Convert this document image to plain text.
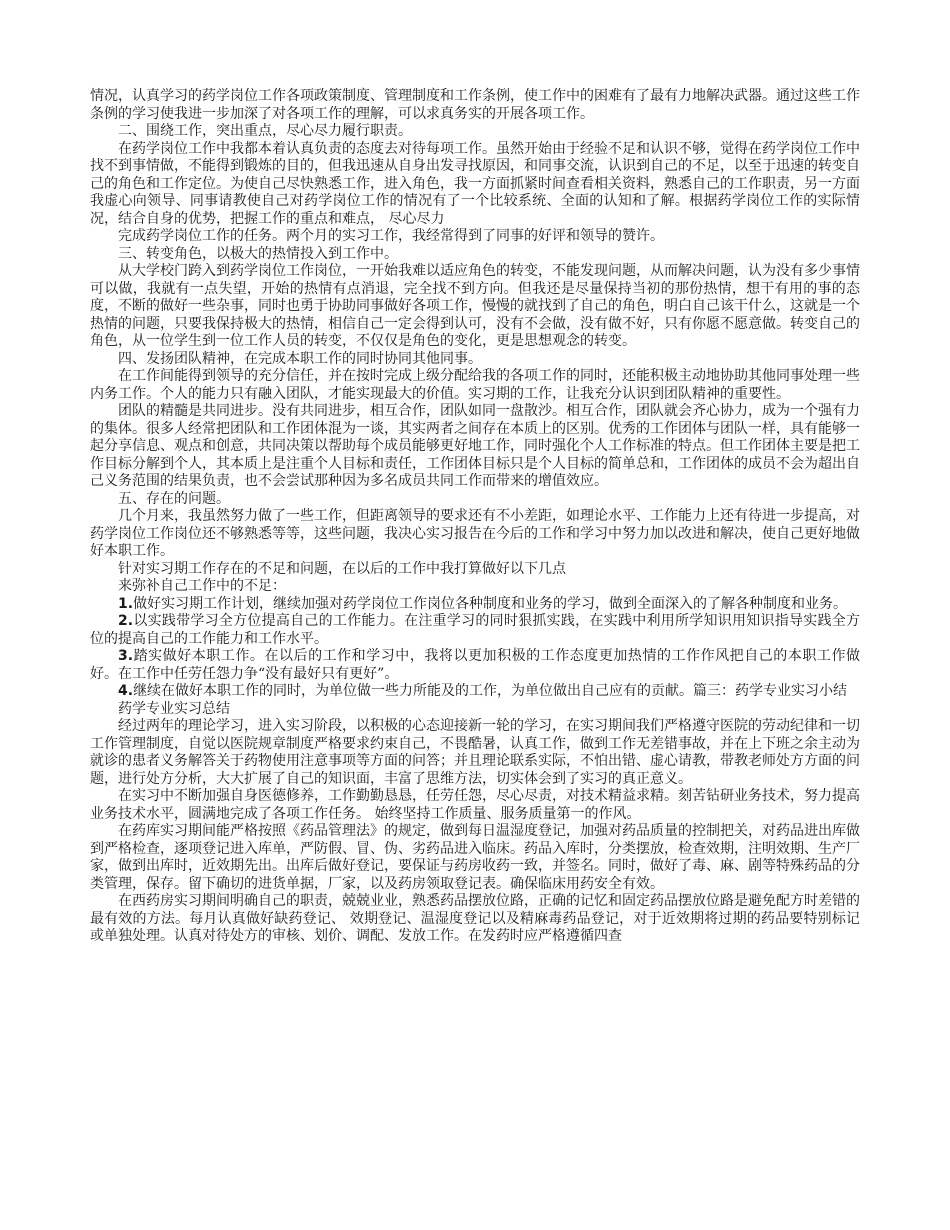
情况，认真学习的药学岗位工作各项政策制度、管理制度和工作条例，使工作中的困难有了最有力地解决武器。通过这些工作条例的学习使我进一步加深了对各项工作的理解，可以求真务实的开展各项工作。

二、围绕工作，突出重点，尽心尽力履行职责。

在药学岗位工作中我都本着认真负责的态度去对待每项工作。虽然开始由于经验不足和认识不够，觉得在药学岗位工作中找不到事情做，不能得到锻炼的目的，但我迅速从自身出发寻找原因，和同事交流，认识到自己的不足，以至于迅速的转变自己的角色和工作定位。为使自己尽快熟悉工作，进入角色，我一方面抓紧时间查看相关资料，熟悉自己的工作职责，另一方面我虚心向领导、同事请教使自己对药学岗位工作的情况有了一个比较系统、全面的认知和了解。根据药学岗位工作的实际情况，结合自身的优势，把握工作的重点和难点， 尽心尽力

完成药学岗位工作的任务。两个月的实习工作，我经常得到了同事的好评和领导的赞许。

三、转变角色，以极大的热情投入到工作中。

从大学校门跨入到药学岗位工作岗位，一开始我难以适应角色的转变，不能发现问题，从而解决问题，认为没有多少事情可以做，我就有一点失望，开始的热情有点消退，完全找不到方向。但我还是尽量保持当初的那份热情，想干有用的事的态度，不断的做好一些杂事，同时也勇于协助同事做好各项工作，慢慢的就找到了自己的角色，明白自己该干什么，这就是一个热情的问题，只要我保持极大的热情，相信自己一定会得到认可，没有不会做，没有做不好，只有你愿不愿意做。转变自己的角色，从一位学生到一位工作人员的转变，不仅仅是角色的变化，更是思想观念的转变。

四、发扬团队精神，在完成本职工作的同时协同其他同事。

在工作间能得到领导的充分信任，并在按时完成上级分配给我的各项工作的同时，还能积极主动地协助其他同事处理一些内务工作。个人的能力只有融入团队，才能实现最大的价值。实习期的工作，让我充分认识到团队精神的重要性。

团队的精髓是共同进步。没有共同进步，相互合作，团队如同一盘散沙。相互合作，团队就会齐心协力，成为一个强有力的集体。很多人经常把团队和工作团体混为一谈，其实两者之间存在本质上的区别。优秀的工作团体与团队一样，具有能够一起分享信息、观点和创意，共同决策以帮助每个成员能够更好地工作，同时强化个人工作标准的特点。但工作团体主要是把工作目标分解到个人，其本质上是注重个人目标和责任，工作团体目标只是个人目标的简单总和，工作团体的成员不会为超出自己义务范围的结果负责，也不会尝试那种因为多名成员共同工作而带来的增值效应。

五、存在的问题。

几个月来，我虽然努力做了一些工作，但距离领导的要求还有不小差距，如理论水平、工作能力上还有待进一步提高，对药学岗位工作岗位还不够熟悉等等，这些问题，我决心实习报告在今后的工作和学习中努力加以改进和解决，使自己更好地做好本职工作。

针对实习期工作存在的不足和问题，在以后的工作中我打算做好以下几点

来弥补自己工作中的不足：

1.做好实习期工作计划，继续加强对药学岗位工作岗位各种制度和业务的学习，做到全面深入的了解各种制度和业务。

2.以实践带学习全方位提高自己的工作能力。在注重学习的同时狠抓实践，在实践中利用所学知识用知识指导实践全方位的提高自己的工作能力和工作水平。

3.踏实做好本职工作。在以后的工作和学习中，我将以更加积极的工作态度更加热情的工作作风把自己的本职工作做好。在工作中任劳任怨力争“没有最好只有更好”。

4.继续在做好本职工作的同时，为单位做一些力所能及的工作，为单位做出自己应有的贡献。篇三：药学专业实习小结

药学专业实习总结

经过两年的理论学习，进入实习阶段，以积极的心态迎接新一轮的学习，在实习期间我们严格遵守医院的劳动纪律和一切工作管理制度，自觉以医院规章制度严格要求约束自己，不畏酷暑，认真工作，做到工作无差错事故，并在上下班之余主动为就诊的患者义务解答关于药物使用注意事项等方面的问答；并且理论联系实际，不怕出错、虚心请教，带教老师处方方面的问题，进行处方分析，大大扩展了自己的知识面，丰富了思维方法，切实体会到了实习的真正意义。

在实习中不断加强自身医德修养，工作勤勤恳恳，任劳任怨，尽心尽责，对技术精益求精。刻苦钻研业务技术，努力提高业务技术水平，圆满地完成了各项工作任务。 始终坚持工作质量、服务质量第一的作风。

在药库实习期间能严格按照《药品管理法》的规定，做到每日温湿度登记，加强对药品质量的控制把关，对药品进出库做到严格检查，逐项登记进入库单，严防假、冒、伪、劣药品进入临床。药品入库时，分类摆放，检查效期，注明效期、生产厂家，做到出库时，近效期先出。出库后做好登记，要保证与药房收药一致，并签名。同时，做好了毒、麻、剧等特殊药品的分类管理，保存。留下确切的进货单据，厂家，以及药房领取登记表。确保临床用药安全有效。

在西药房实习期间明确自己的职责，兢兢业业，熟悉药品摆放位路，正确的记忆和固定药品摆放位路是避免配方时差错的最有效的方法。每月认真做好缺药登记、 效期登记、温湿度登记以及精麻毒药品登记，对于近效期将过期的药品要特别标记或单独处理。认真对待处方的审核、划价、调配、发放工作。在发药时应严格遵循四查
